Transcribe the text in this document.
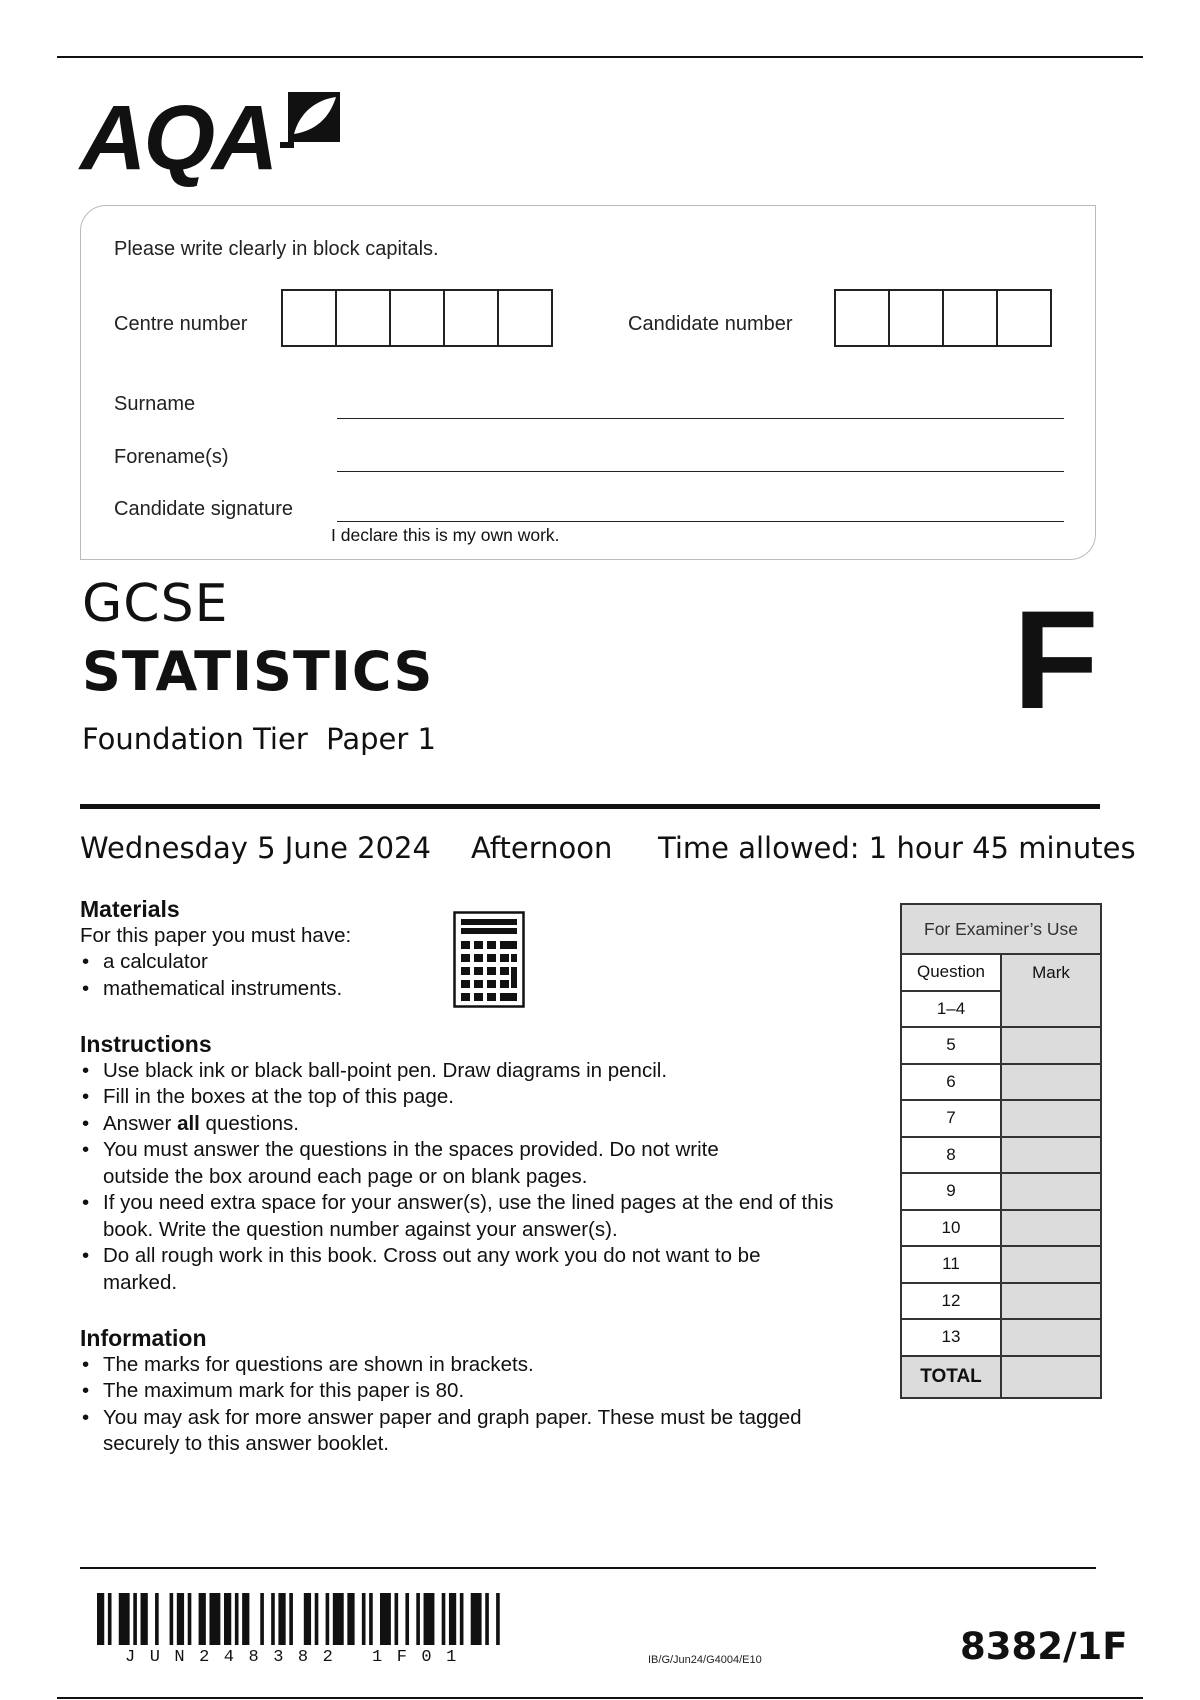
AQA
Please write clearly in block capitals.
Centre number	Candidate number
Surname
Forename(s)
Candidate signature
I declare this is my own work.
GCSE
STATISTICS
Foundation Tier  Paper 1
F
Wednesday 5 June 2024 Afternoon Time allowed: 1 hour 45 minutes
Materials

For this paper you must have:

• a calculator
• mathematical instruments.
Instructions
• Use black ink or black ball-point pen. Draw diagrams in pencil.
• Fill in the boxes at the top of this page.
• Answer all questions.
• You must answer the questions in the spaces provided. Do not write outside the box around each page or on blank pages.
• If you need extra space for your answer(s), use the lined pages at the end of this book. Write the question number against your answer(s).
• Do all rough work in this book. Cross out any work you do not want to be marked.
Information
• The marks for questions are shown in brackets.
• The maximum mark for this paper is 80.
• You may ask for more answer paper and graph paper. These must be tagged securely to this answer booklet.
For Examiner’s Use	
Question	Mark
1–4	
5	
6	
7	
8	
9	
10	
11	
12	
13	
TOTAL	
JUN248382 1F01	IB/G/Jun24/G4004/E10	8382/1F
